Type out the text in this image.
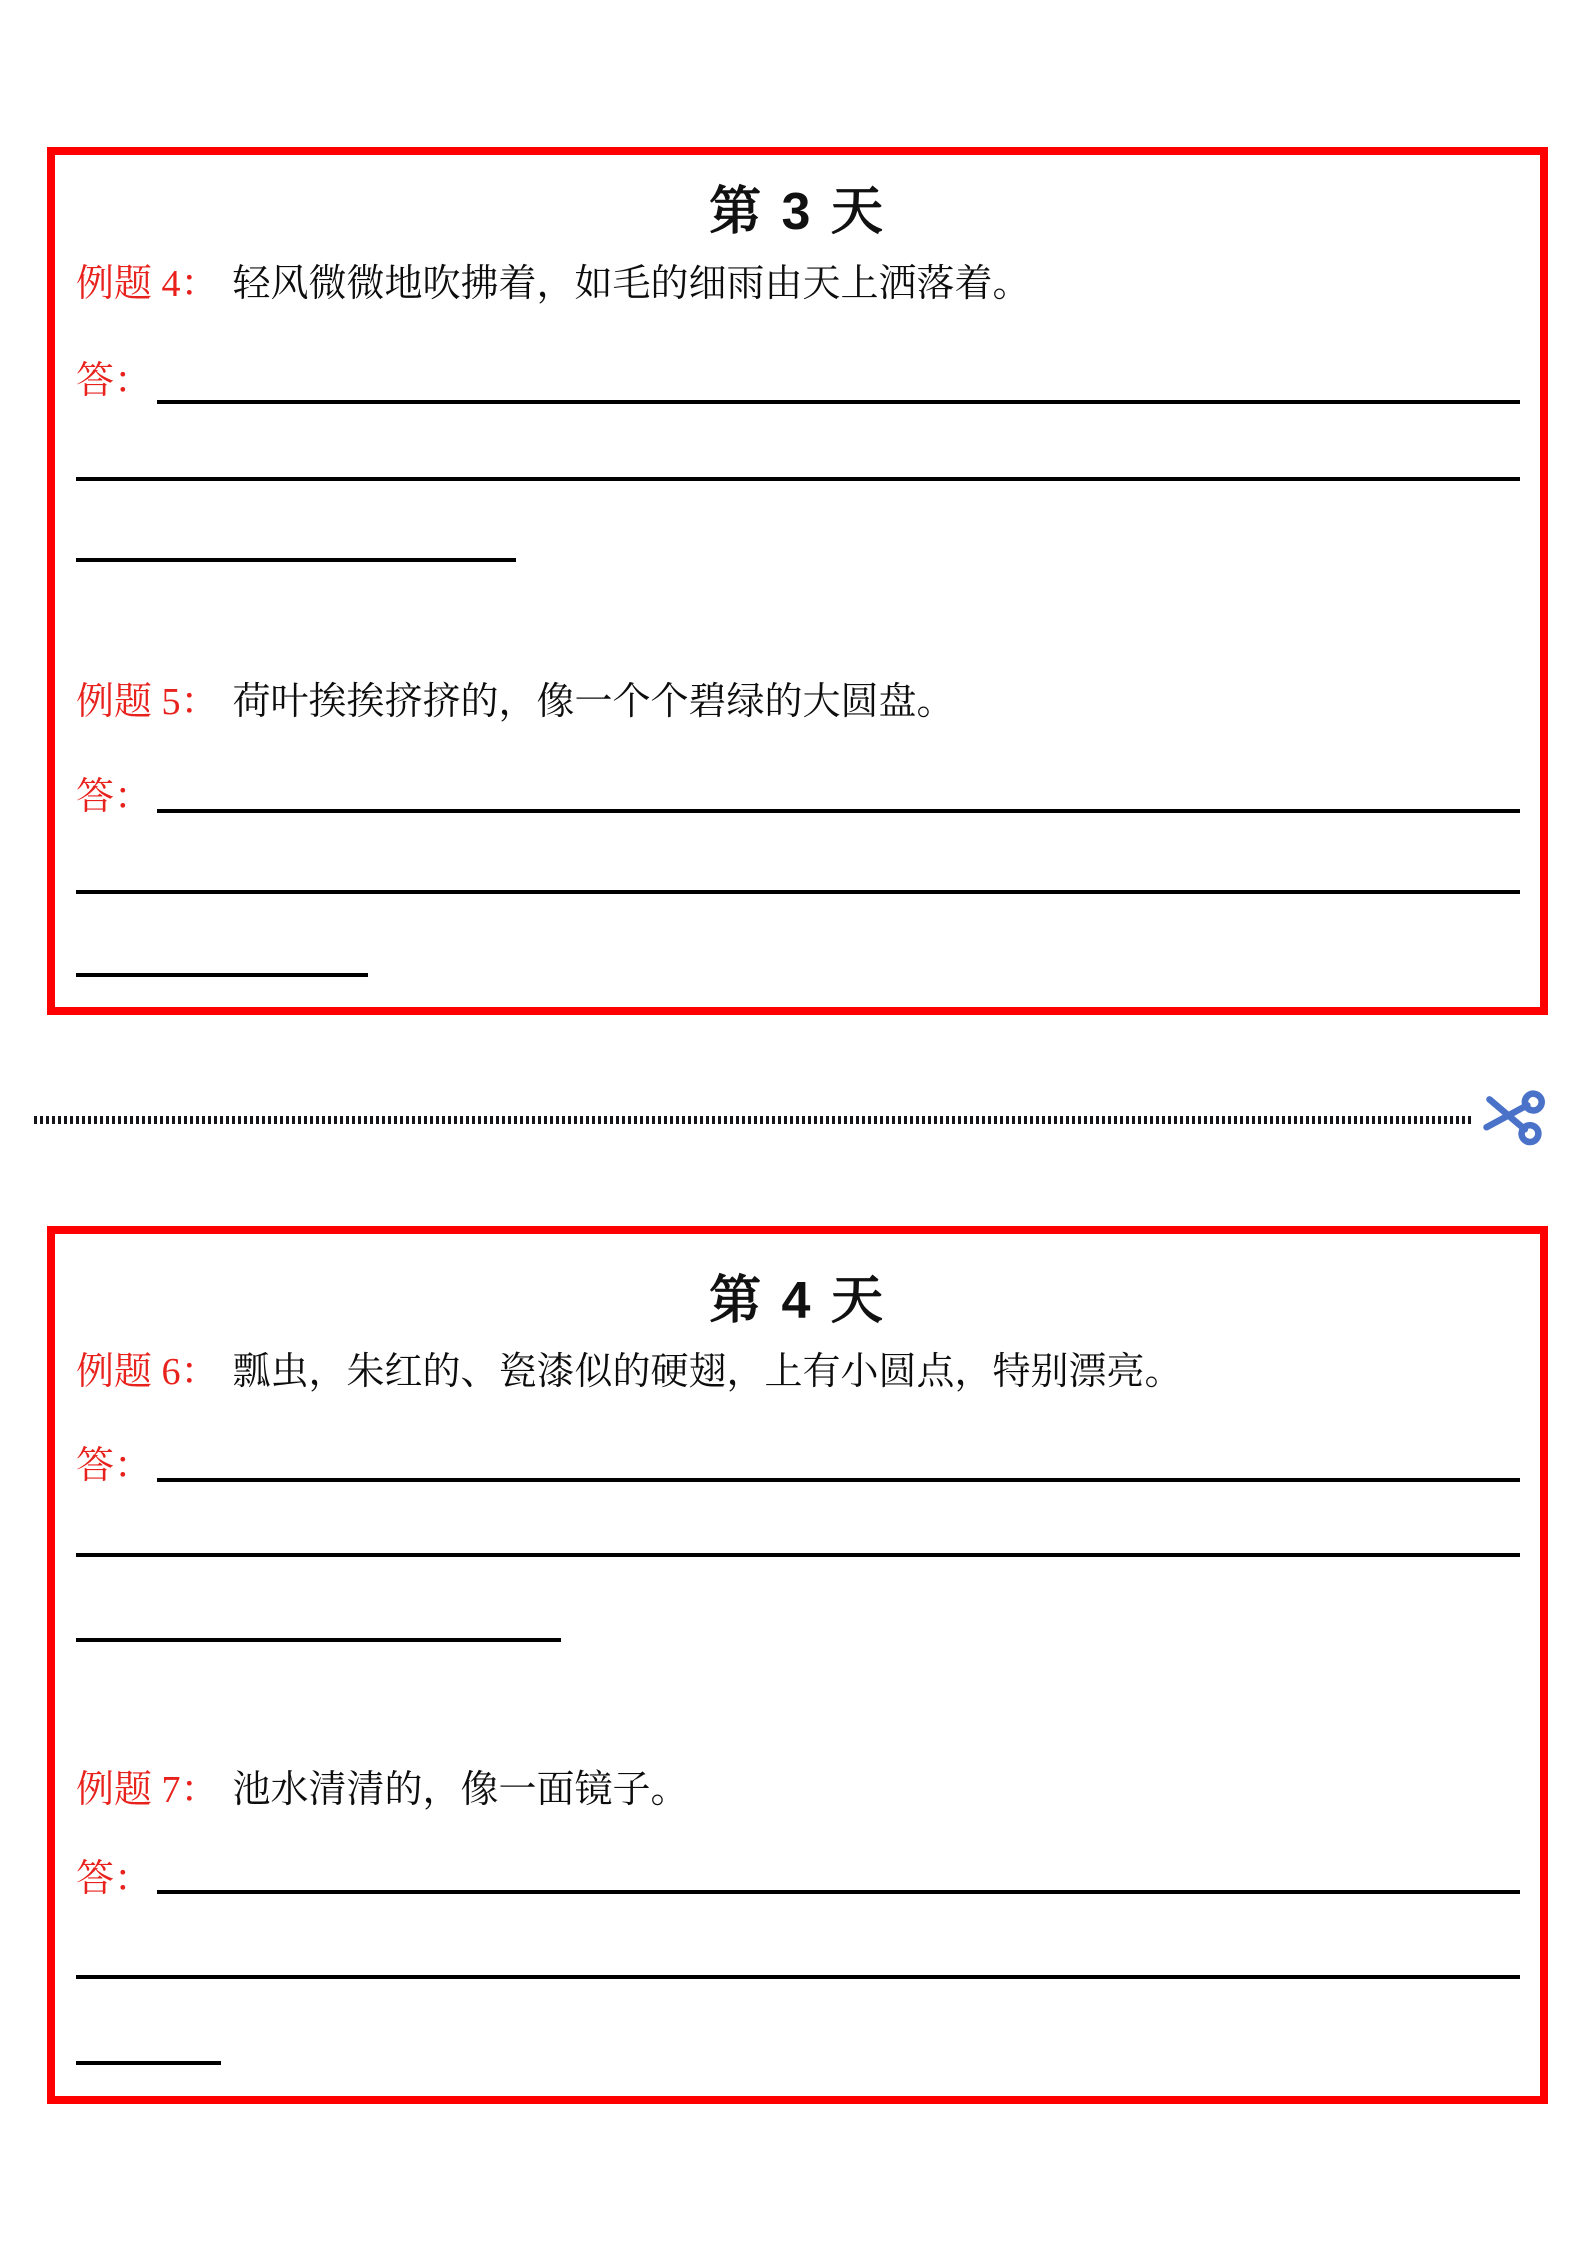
第 3 天

例题 4： 轻风微微地吹拂着，如毛的细雨由天上洒落着。

答：

例题 5： 荷叶挨挨挤挤的，像一个个碧绿的大圆盘。

答：
第 4 天

例题 6： 瓢虫，朱红的、瓷漆似的硬翅，上有小圆点，特别漂亮。

答：

例题 7： 池水清清的，像一面镜子。

答：
